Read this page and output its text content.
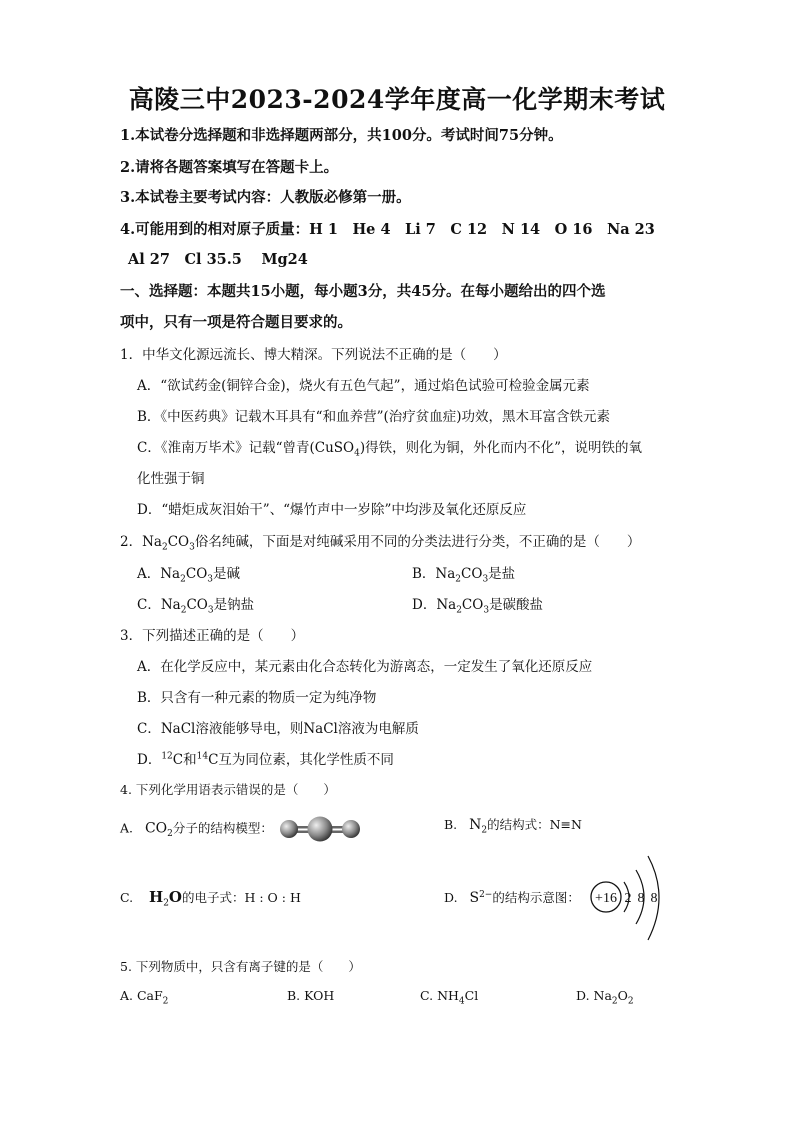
高陵三中2023-2024学年度高一化学期末考试
1.本试卷分选择题和非选择题两部分，共100分。考试时间75分钟。
2.请将各题答案填写在答题卡上。
3.本试卷主要考试内容：人教版必修第一册。
4.可能用到的相对原子质量：H 1　He 4　Li 7　C 12　N 14　O 16　Na 23
Al 27　Cl 35.5　 Mg24
一、选择题：本题共15小题，每小题3分，共45分。在每小题给出的四个选
项中，只有一项是符合题目要求的。
1．中华文化源远流长、博大精深。下列说法不正确的是（　　）
A．“欲试药金(铜锌合金)，烧火有五色气起”，通过焰色试验可检验金属元素
B．《中医药典》记载木耳具有“和血养营”(治疗贫血症)功效，黑木耳富含铁元素
C．《淮南万毕术》记载“曾青(CuSO$_4$)得铁，则化为铜，外化而内不化”，说明铁的氧
化性强于铜
D．“蜡炬成灰泪始干”、“爆竹声中一岁除”中均涉及氧化还原反应
2．$Na_2CO_3$俗名纯碱，下面是对纯碱采用不同的分类法进行分类，不正确的是（　　）
A．$Na_2CO_3$是碱	B．$Na_2CO_3$是盐
C．$Na_2CO_3$是钠盐	D．$Na_2CO_3$是碳酸盐
3．下列描述正确的是（　　）
A．在化学反应中，某元素由化合态转化为游离态，一定发生了氧化还原反应
B．只含有一种元素的物质一定为纯净物
C．NaCl溶液能够导电，则NaCl溶液为电解质
D．$^{12}$C和$^{14}$C互为同位素，其化学性质不同
4. 下列化学用语表示错误的是（　　）
A. $CO_2$分子的结构模型：	B. $N_2$的结构式：N≡N
C. $H_2O$的电子式：H : O : H	D. $S^{2-}$的结构示意图： +16 2 8 8
5. 下列物质中，只含有离子键的是（　　）
A. CaF$_2$	B. KOH	C. $NH_4Cl$	D. $Na_2O_2$
